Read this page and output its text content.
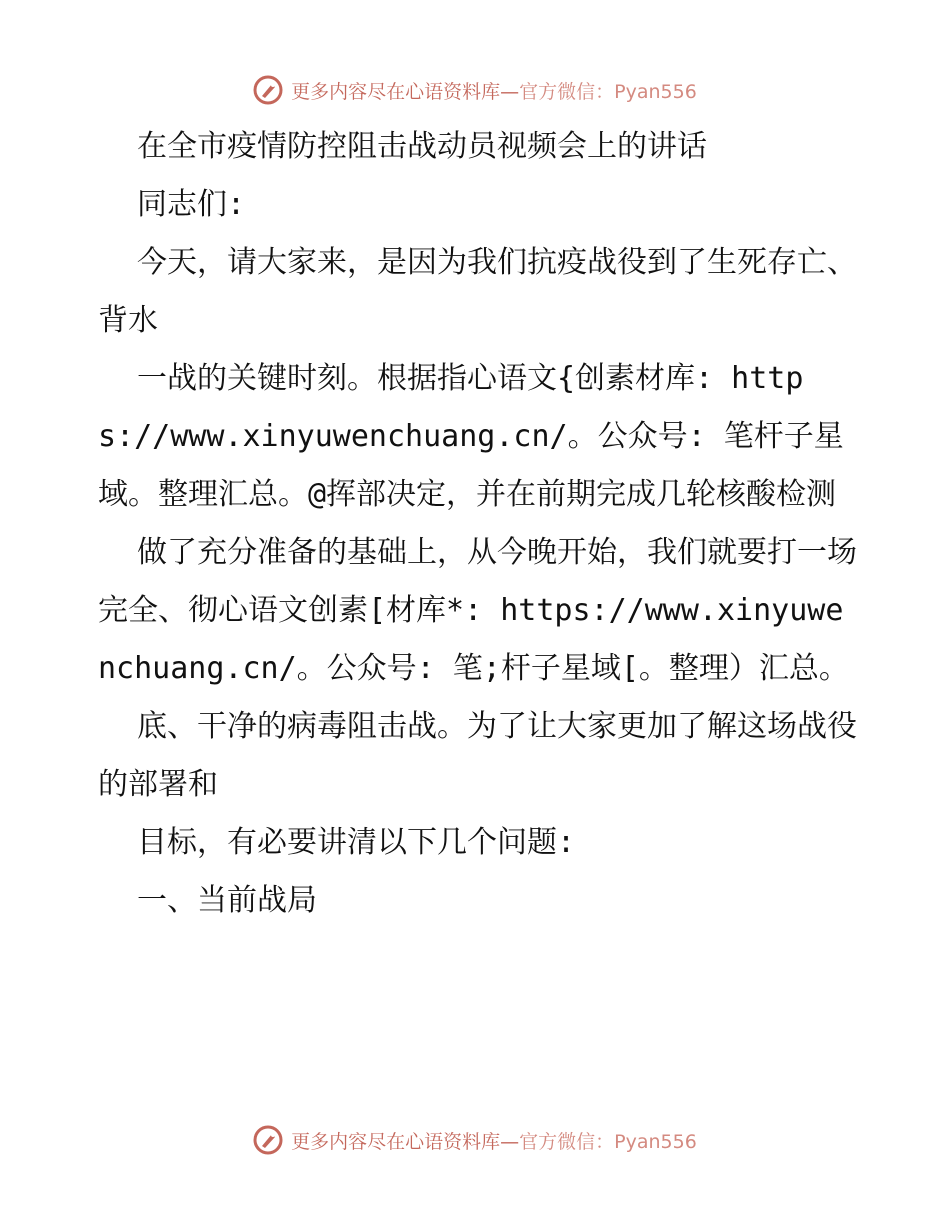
更多内容尽在心语资料库— 官方微信：Pyan556

在全市疫情防控阻击战动员视频会上的讲话

同志们:

今天，请大家来，是因为我们抗疫战役到了生死存亡、背水

一战的关键时刻。根据指心语文{创素材库: https://www.xinyuwenchuang.cn/。公众号: 笔杆子星域。整理汇总。@挥部决定，并在前期完成几轮核酸检测

做了充分准备的基础上，从今晚开始，我们就要打一场完全、彻心语文创素[材库*: https://www.xinyuwenchuang.cn/。公众号: 笔;杆子星域[。整理）汇总。

底、干净的病毒阻击战。为了让大家更加了解这场战役的部署和

目标，有必要讲清以下几个问题:

一、当前战局

更多内容尽在心语资料库— 官方微信：Pyan556
